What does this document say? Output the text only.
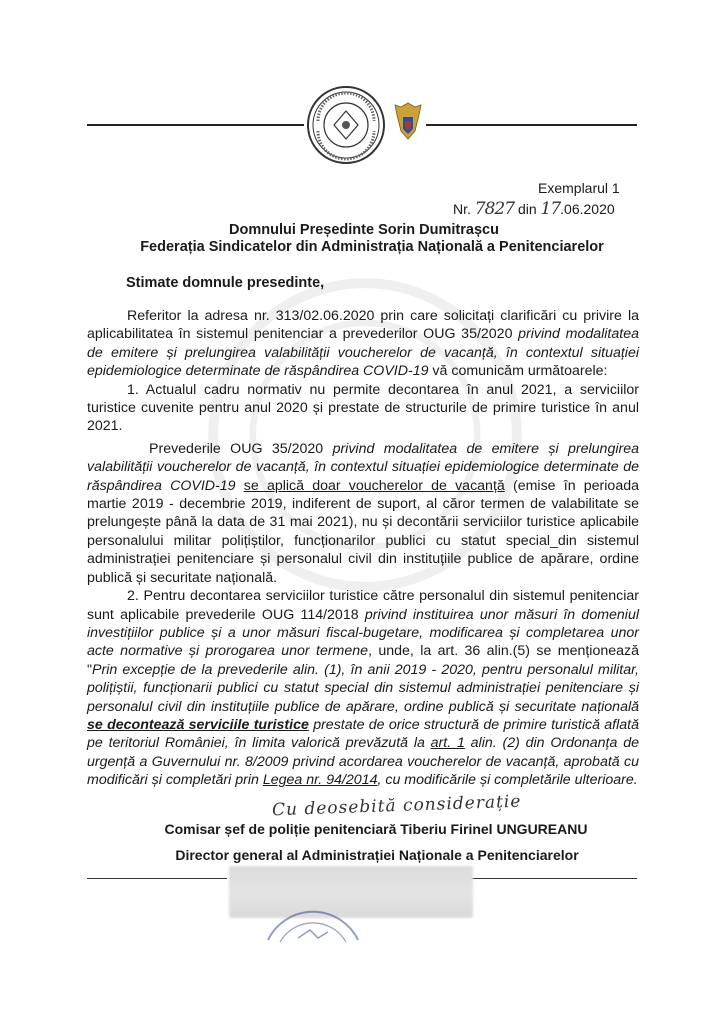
Exemplarul 1
Nr. 7827 din 17.06.2020
Domnului Președinte Sorin Dumitrașcu
Federația Sindicatelor din Administrația Națională a Penitenciarelor
Stimate domnule presedinte,

Referitor la adresa nr. 313/02.06.2020 prin care solicitați clarificări cu privire la aplicabilitatea în sistemul penitenciar a prevederilor OUG 35/2020 privind modalitatea de emitere și prelungirea valabilității voucherelor de vacanță, în contextul situației epidemiologice determinate de răspândirea COVID-19 vă comunicăm următoarele:

1. Actualul cadru normativ nu permite decontarea în anul 2021, a serviciilor turistice cuvenite pentru anul 2020 și prestate de structurile de primire turistice în anul 2021.

Prevederile OUG 35/2020 privind modalitatea de emitere și prelungirea valabilității voucherelor de vacanță, în contextul situației epidemiologice determinate de răspândirea COVID-19 se aplică doar voucherelor de vacanță (emise în perioada martie 2019 - decembrie 2019, indiferent de suport, al căror termen de valabilitate se prelungește până la data de 31 mai 2021), nu și decontării serviciilor turistice aplicabile personalului militar polițiștilor, funcționarilor publici cu statut special_din sistemul administrației penitenciare și personalul civil din instituțiile publice de apărare, ordine publică și securitate națională.

2. Pentru decontarea serviciilor turistice către personalul din sistemul penitenciar sunt aplicabile prevederile OUG 114/2018 privind instituirea unor măsuri în domeniul investițiilor publice și a unor măsuri fiscal-bugetare, modificarea și completarea unor acte normative și prorogarea unor termene, unde, la art. 36 alin.(5) se menționează "Prin excepție de la prevederile alin. (1), în anii 2019 - 2020, pentru personalul militar, polițiștii, funcționarii publici cu statut special din sistemul administrației penitenciare și personalul civil din instituțiile publice de apărare, ordine publică și securitate națională se decontează serviciile turistice prestate de orice structură de primire turistică aflată pe teritoriul României, în limita valorică prevăzută la art. 1 alin. (2) din Ordonanța de urgență a Guvernului nr. 8/2009 privind acordarea voucherelor de vacanță, aprobată cu modificări și completări prin Legea nr. 94/2014, cu modificările și completările ulterioare.

Cu deosebită considerație
Comisar șef de poliție penitenciară Tiberiu Firinel UNGUREANU
Director general al Administrației Naționale a Penitenciarelor
